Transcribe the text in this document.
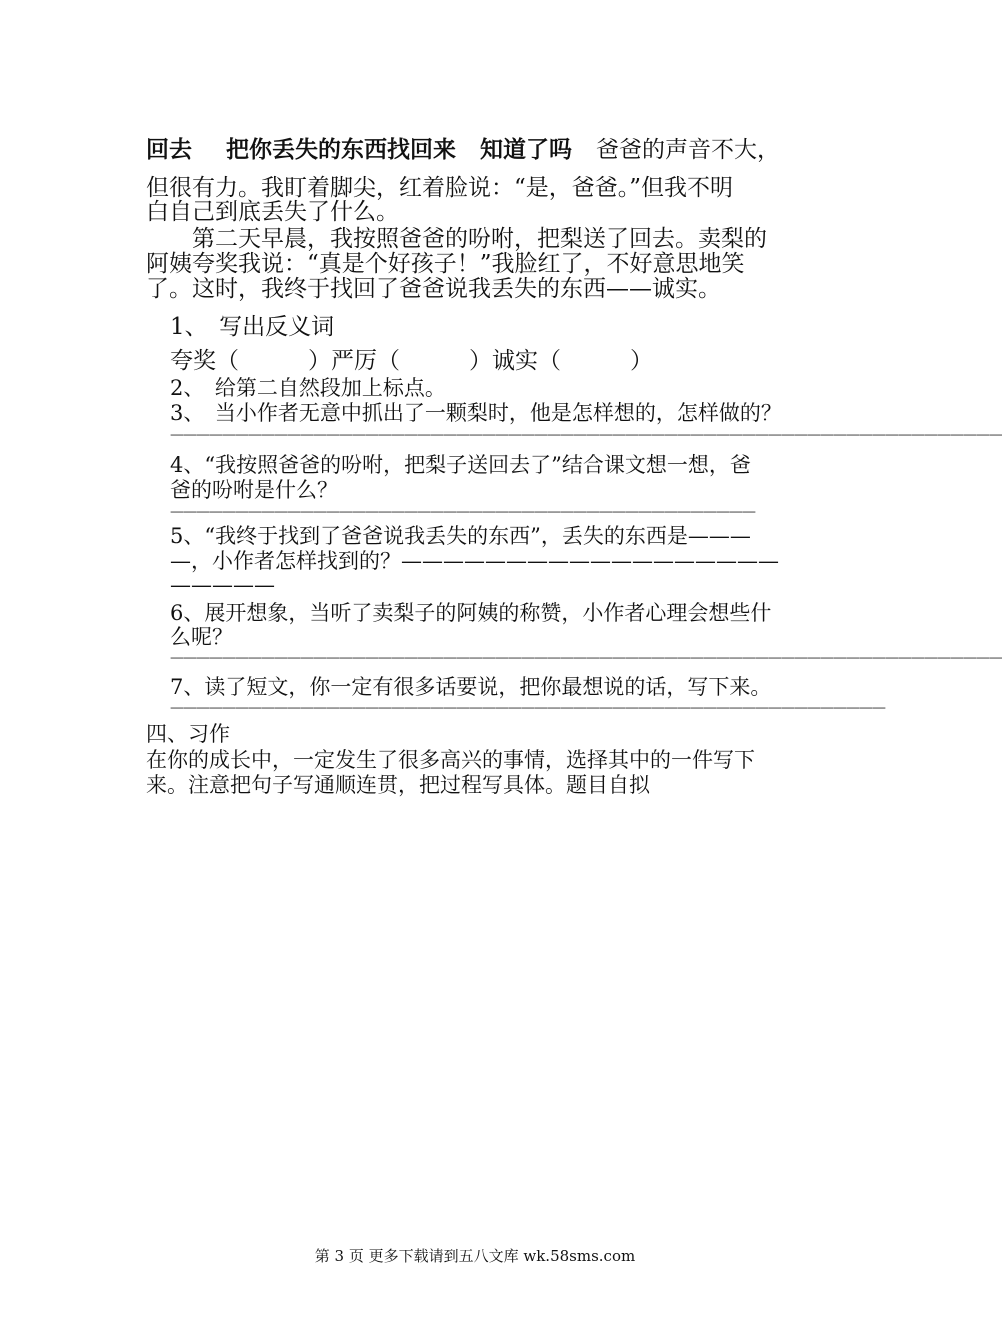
回去 把你丢失的东西找回来 知道了吗 爸爸的声音不大，
但很有力。我盯着脚尖，红着脸说：“是，爸爸。”但我不明
白自己到底丢失了什么。
第二天早晨，我按照爸爸的吩咐，把梨送了回去。卖梨的
阿姨夸奖我说：“真是个好孩子！”我脸红了，不好意思地笑
了。这时，我终于找回了爸爸说我丢失的东西——诚实。
1、　写出反义词
夸奖（　　　）严厉（　　　）诚实（　　　）
2、　给第二自然段加上标点。
3、　当小作者无意中抓出了一颗梨时，他是怎样想的，怎样做的？
————————————————————————————————————————————————————————————————
4、“我按照爸爸的吩咐，把梨子送回去了”结合课文想一想，爸
爸的吩咐是什么？
—————————————————————————————————————————————
5、“我终于找到了爸爸说我丢失的东西”，丢失的东西是———
—，小作者怎样找到的？——————————————————
—————
6、展开想象，当听了卖梨子的阿姨的称赞，小作者心理会想些什
么呢？
————————————————————————————————————————————————————————————————
7、读了短文，你一定有很多话要说，把你最想说的话，写下来。
———————————————————————————————————————————————————————
四、习作
在你的成长中，一定发生了很多高兴的事情，选择其中的一件写下
来。注意把句子写通顺连贯，把过程写具体。题目自拟
第 3 页 更多下载请到五八文库 wk.58sms.com
